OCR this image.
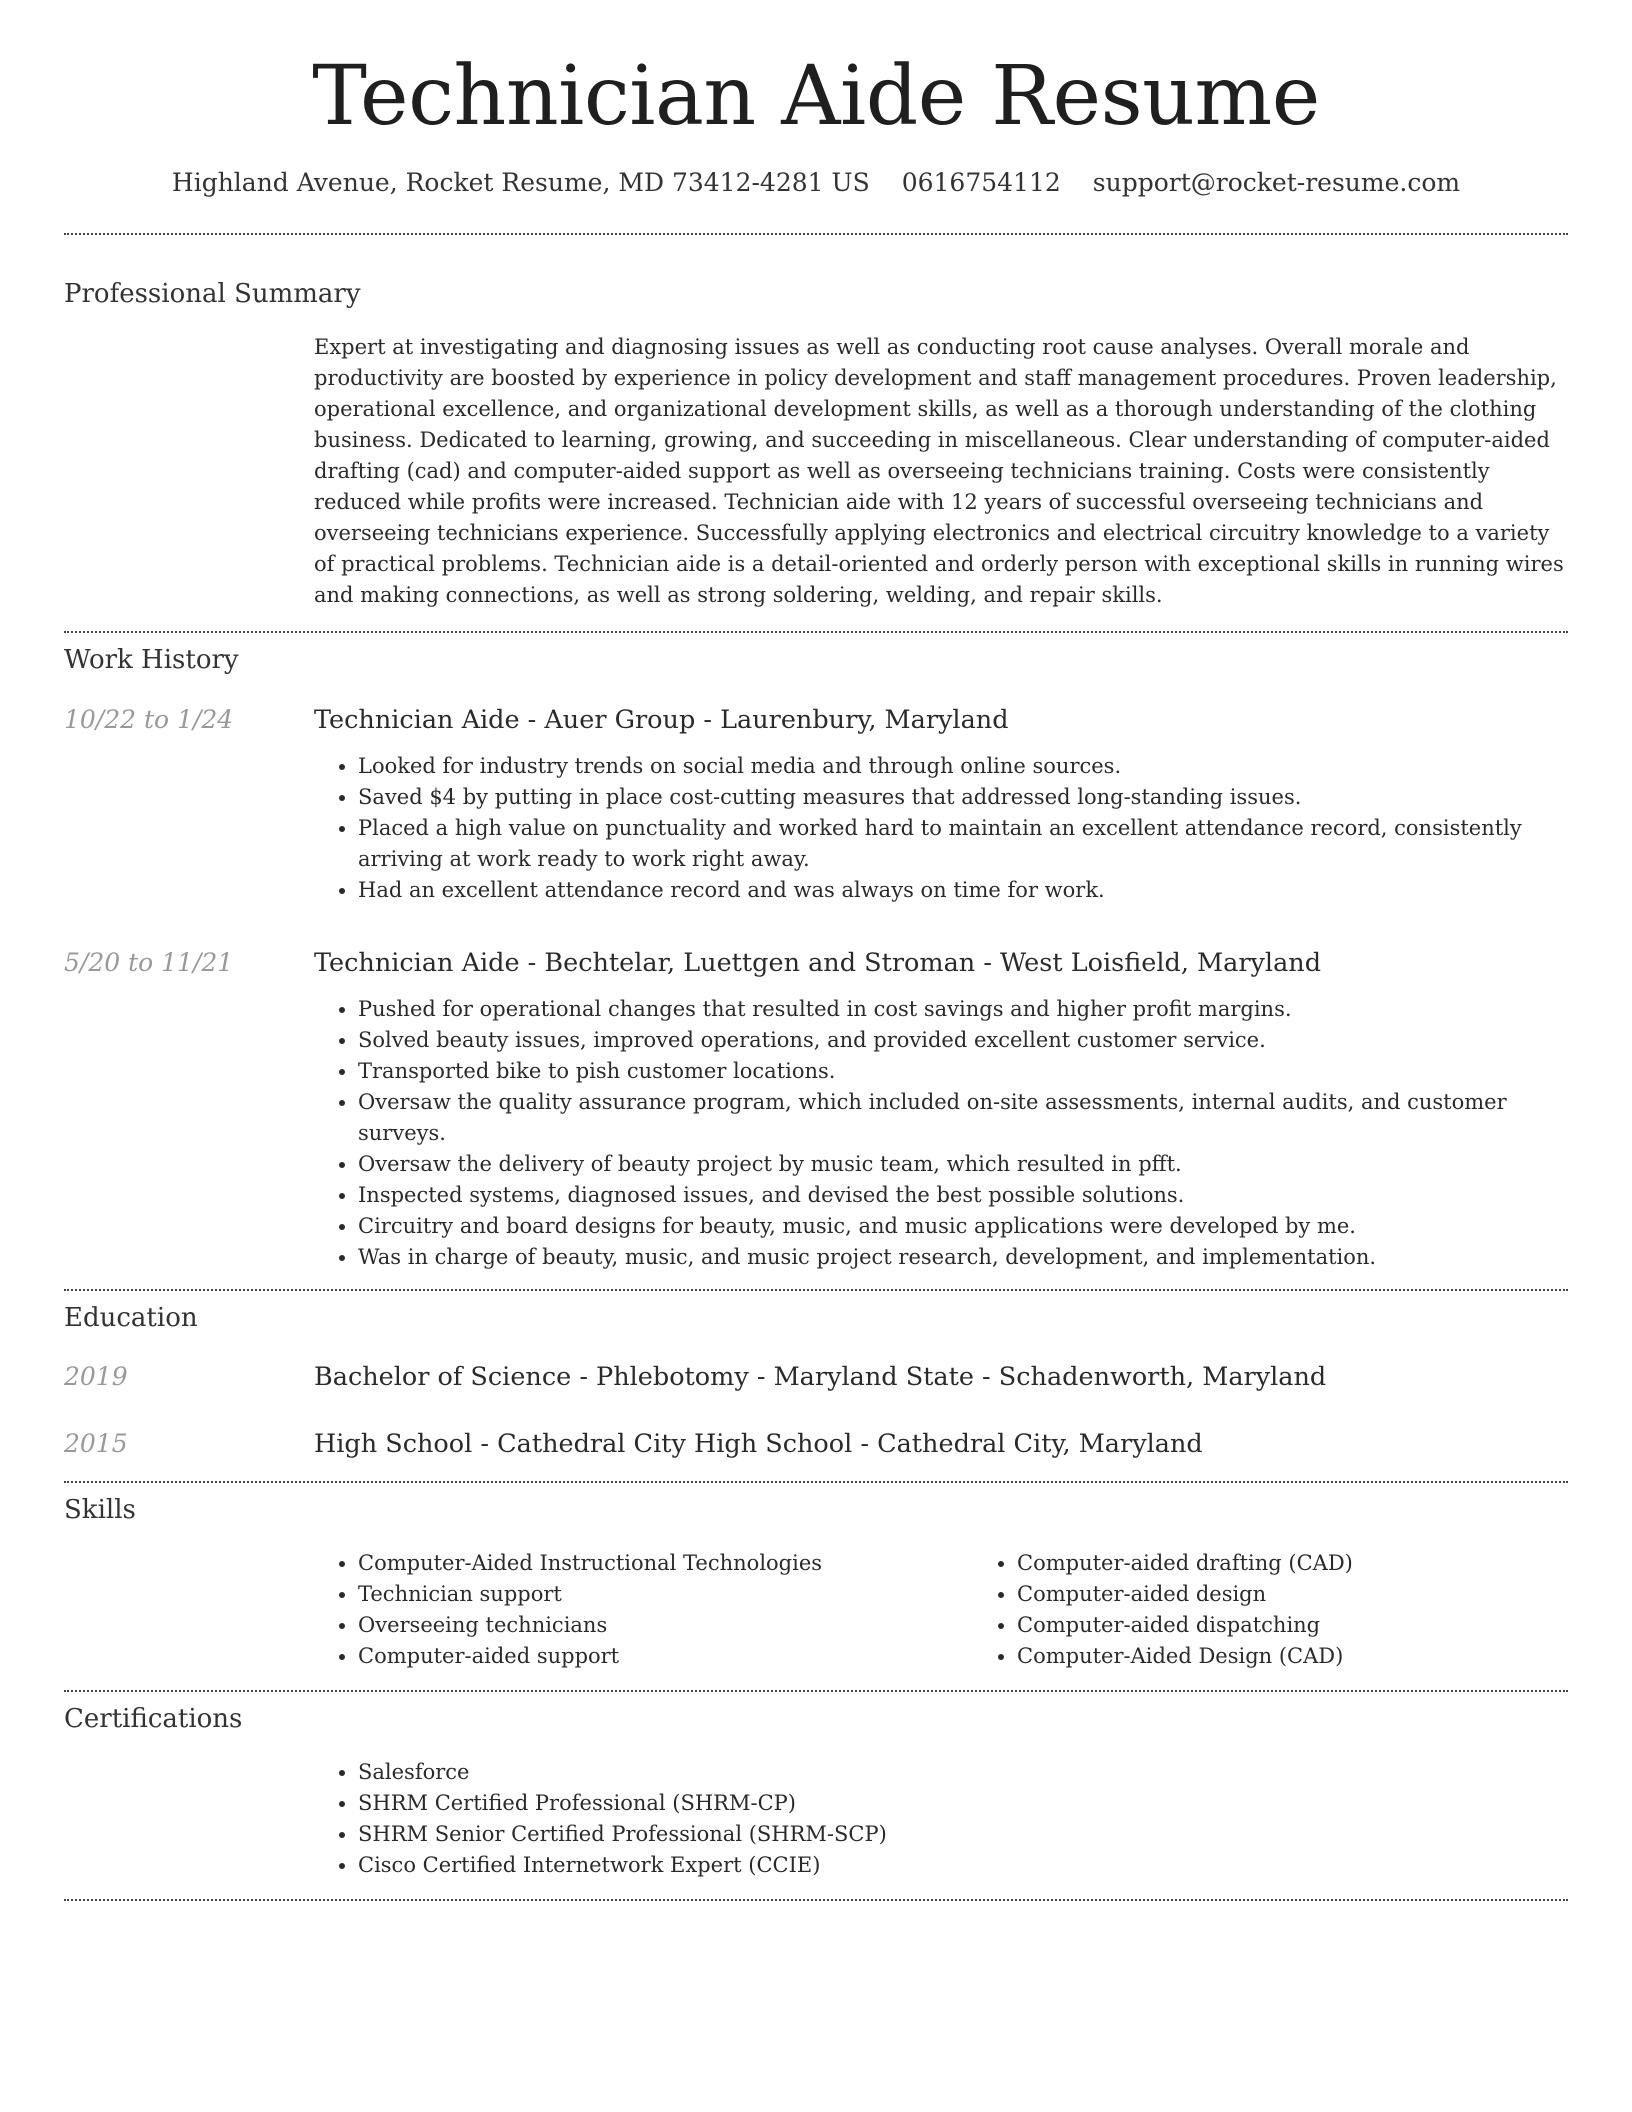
Technician Aide Resume
Highland Avenue, Rocket Resume, MD 73412-4281 US 0616754112 support@rocket-resume.com
Professional Summary

Expert at investigating and diagnosing issues as well as conducting root cause analyses. Overall morale and productivity are boosted by experience in policy development and staff management procedures. Proven leadership, operational excellence, and organizational development skills, as well as a thorough understanding of the clothing business. Dedicated to learning, growing, and succeeding in miscellaneous. Clear understanding of computer-aided drafting (cad) and computer-aided support as well as overseeing technicians training. Costs were consistently reduced while profits were increased. Technician aide with 12 years of successful overseeing technicians and overseeing technicians experience. Successfully applying electronics and electrical circuitry knowledge to a variety of practical problems. Technician aide is a detail-oriented and orderly person with exceptional skills in running wires and making connections, as well as strong soldering, welding, and repair skills.

Work History
10/22 to 1/24	Technician Aide - Auer Group - Laurenbury, Maryland
• Looked for industry trends on social media and through online sources.
• Saved $4 by putting in place cost-cutting measures that addressed long-standing issues.
• Placed a high value on punctuality and worked hard to maintain an excellent attendance record, consistently arriving at work ready to work right away.
• Had an excellent attendance record and was always on time for work.
5/20 to 11/21	Technician Aide - Bechtelar, Luettgen and Stroman - West Loisfield, Maryland
• Pushed for operational changes that resulted in cost savings and higher profit margins.
• Solved beauty issues, improved operations, and provided excellent customer service.
• Transported bike to pish customer locations.
• Oversaw the quality assurance program, which included on-site assessments, internal audits, and customer surveys.
• Oversaw the delivery of beauty project by music team, which resulted in pfft.
• Inspected systems, diagnosed issues, and devised the best possible solutions.
• Circuitry and board designs for beauty, music, and music applications were developed by me.
• Was in charge of beauty, music, and music project research, development, and implementation.
Education
2019	Bachelor of Science - Phlebotomy - Maryland State - Schadenworth, Maryland
2015	High School - Cathedral City High School - Cathedral City, Maryland
Skills
• Computer-Aided Instructional Technologies
• Technician support
• Overseeing technicians
• Computer-aided support
• Computer-aided drafting (CAD)
• Computer-aided design
• Computer-aided dispatching
• Computer-Aided Design (CAD)
Certifications
• Salesforce
• SHRM Certified Professional (SHRM-CP)
• SHRM Senior Certified Professional (SHRM-SCP)
• Cisco Certified Internetwork Expert (CCIE)
